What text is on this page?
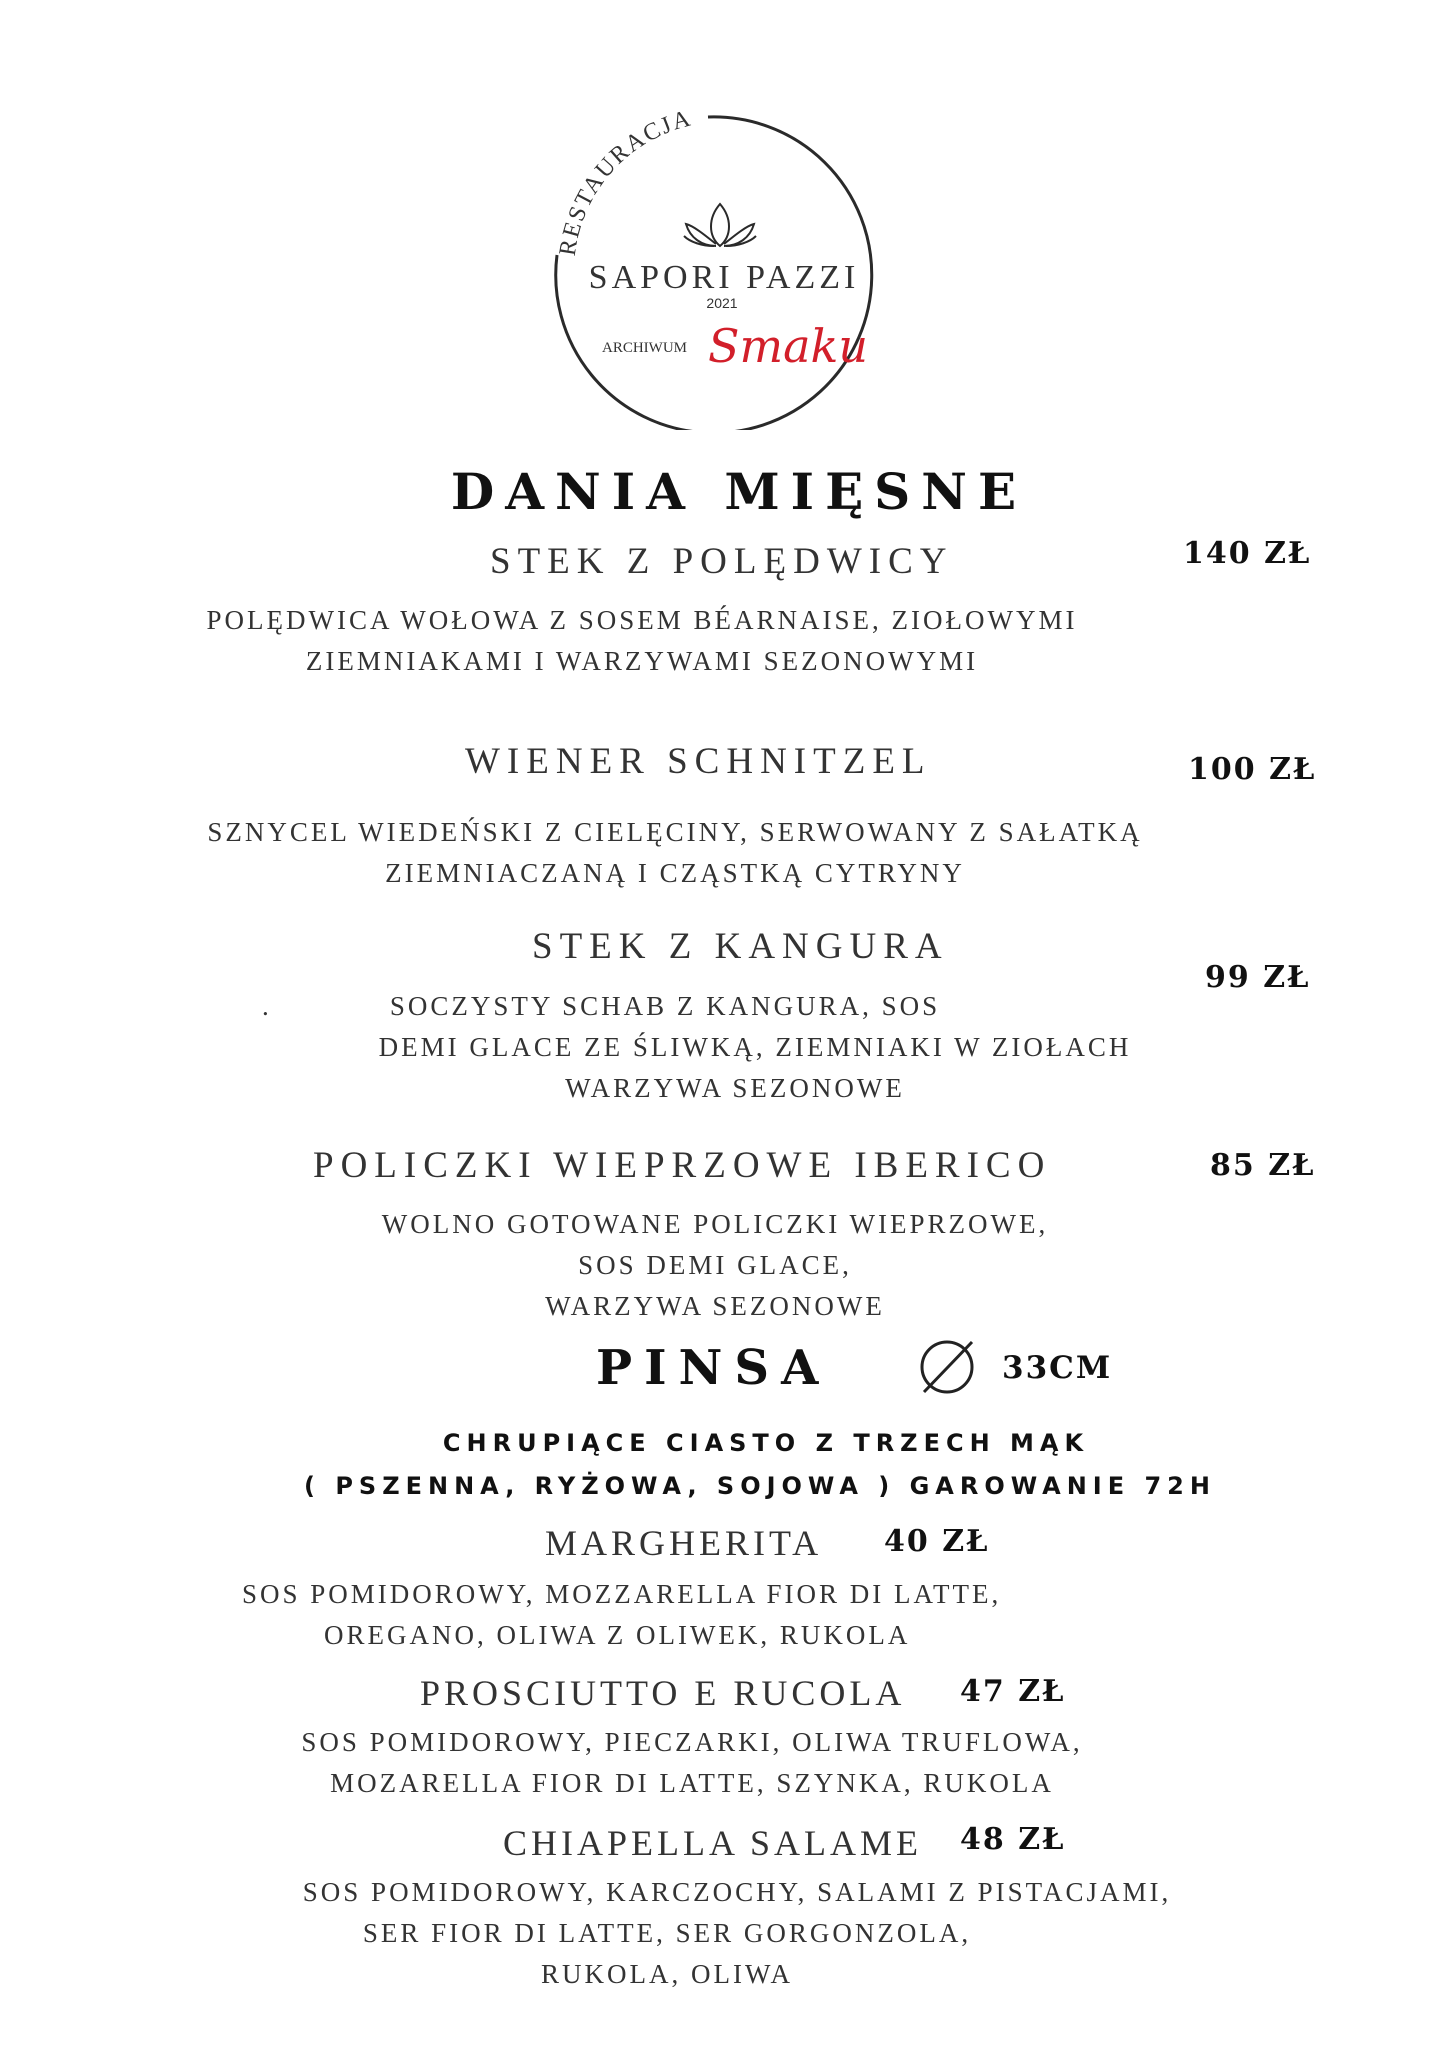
RESTAURACJA
SAPORI PAZZI
2021
ARCHIWUM Smaku
DANIA MIĘSNE
STEK Z POLĘDWICY	140 ZŁ
POLĘDWICA WOŁOWA Z SOSEM BÉARNAISE, ZIOŁOWYMI
ZIEMNIAKAMI I WARZYWAMI SEZONOWYMI
WIENER SCHNITZEL	100 ZŁ
SZNYCEL WIEDEŃSKI Z CIELĘCINY, SERWOWANY Z SAŁATKĄ
ZIEMNIACZANĄ I CZĄSTKĄ CYTRYNY
STEK Z KANGURA
99 ZŁ
.	SOCZYSTY SCHAB Z KANGURA, SOS
DEMI GLACE ZE ŚLIWKĄ, ZIEMNIAKI W ZIOŁACH
WARZYWA SEZONOWE
POLICZKI WIEPRZOWE IBERICO	85 ZŁ
WOLNO GOTOWANE POLICZKI WIEPRZOWE,
SOS DEMI GLACE,
WARZYWA SEZONOWE
PINSA	33CM
CHRUPIĄCE CIASTO Z TRZECH MĄK
( PSZENNA, RYŻOWA, SOJOWA ) GAROWANIE 72H
MARGHERITA 40 ZŁ
SOS POMIDOROWY, MOZZARELLA FIOR DI LATTE,
OREGANO, OLIWA Z OLIWEK, RUKOLA
PROSCIUTTO E RUCOLA 47 ZŁ
SOS POMIDOROWY, PIECZARKI, OLIWA TRUFLOWA,
MOZARELLA FIOR DI LATTE, SZYNKA, RUKOLA
CHIAPELLA SALAME 48 ZŁ
SOS POMIDOROWY, KARCZOCHY, SALAMI Z PISTACJAMI,
SER FIOR DI LATTE, SER GORGONZOLA,
RUKOLA, OLIWA
